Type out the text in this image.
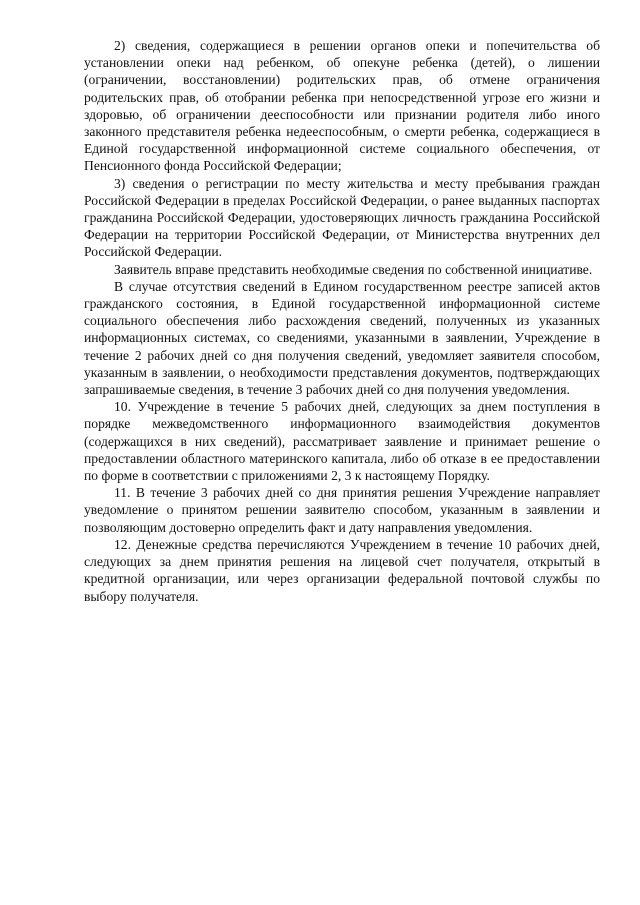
2) сведения, содержащиеся в решении органов опеки и попечительства об установлении опеки над ребенком, об опекуне ребенка (детей), о лишении (ограничении, восстановлении) родительских прав, об отмене ограничения родительских прав, об отобрании ребенка при непосредственной угрозе его жизни и здоровью, об ограничении дееспособности или признании родителя либо иного законного представителя ребенка недееспособным, о смерти ребенка, содержащиеся в Единой государственной информационной системе социального обеспечения, от Пенсионного фонда Российской Федерации;

3) сведения о регистрации по месту жительства и месту пребывания граждан Российской Федерации в пределах Российской Федерации, о ранее выданных паспортах гражданина Российской Федерации, удостоверяющих личность гражданина Российской Федерации на территории Российской Федерации, от Министерства внутренних дел Российской Федерации.

Заявитель вправе представить необходимые сведения по собственной инициативе.

В случае отсутствия сведений в Едином государственном реестре записей актов гражданского состояния, в Единой государственной информационной системе социального обеспечения либо расхождения сведений, полученных из указанных информационных системах, со сведениями, указанными в заявлении, Учреждение в течение 2 рабочих дней со дня получения сведений, уведомляет заявителя способом, указанным в заявлении, о необходимости представления документов, подтверждающих запрашиваемые сведения, в течение 3 рабочих дней со дня получения уведомления.

10. Учреждение в течение 5 рабочих дней, следующих за днем поступления в порядке межведомственного информационного взаимодействия документов (содержащихся в них сведений), рассматривает заявление и принимает решение о предоставлении областного материнского капитала, либо об отказе в ее предоставлении по форме в соответствии с приложениями 2, 3 к настоящему Порядку.

11. В течение 3 рабочих дней со дня принятия решения Учреждение направляет уведомление о принятом решении заявителю способом, указанным в заявлении и позволяющим достоверно определить факт и дату направления уведомления.

12. Денежные средства перечисляются Учреждением в течение 10 рабочих дней, следующих за днем принятия решения на лицевой счет получателя, открытый в кредитной организации, или через организации федеральной почтовой службы по выбору получателя.
